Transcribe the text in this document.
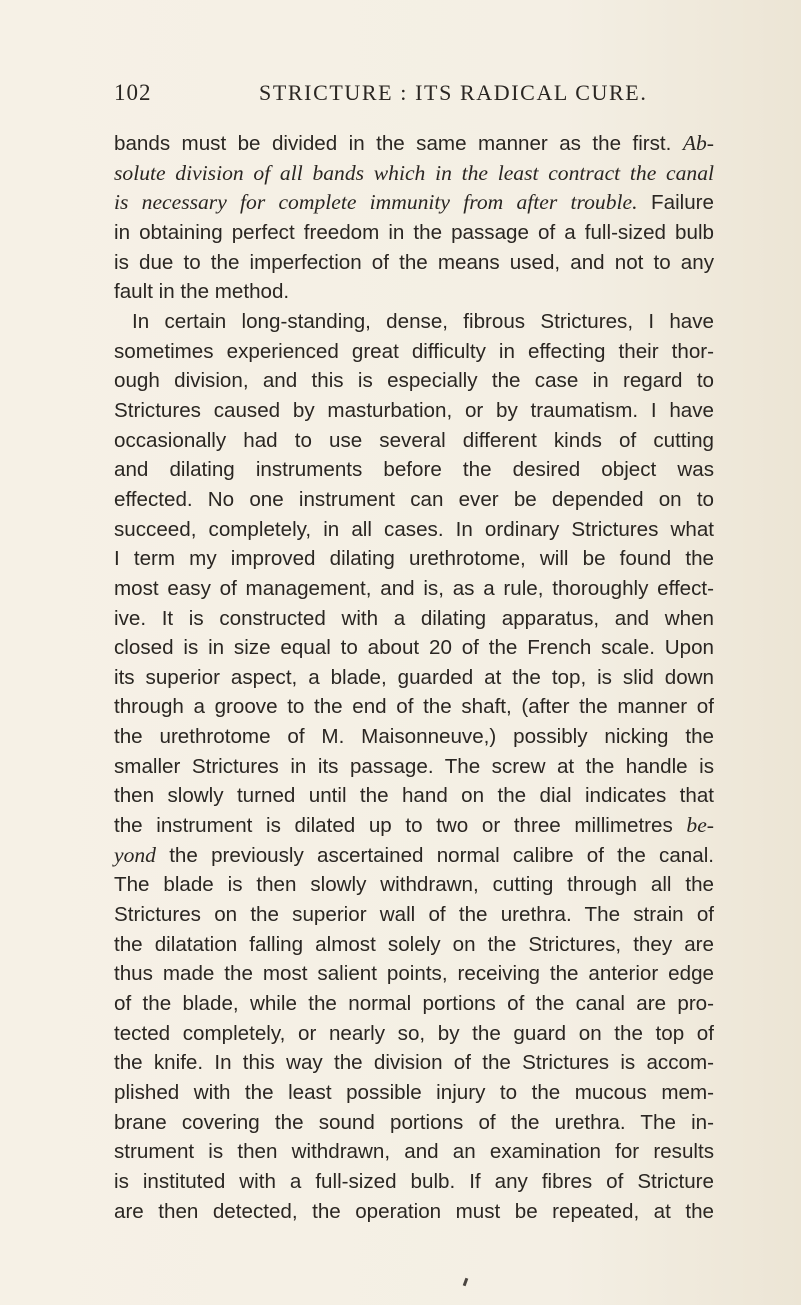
102	STRICTURE : ITS RADICAL CURE.
bands must be divided in the same manner as the first. Ab-
solute division of all bands which in the least contract the canal
is necessary for complete immunity from after trouble. Failure
in obtaining perfect freedom in the passage of a full-sized bulb
is due to the imperfection of the means used, and not to any
fault in the method.
In certain long-standing, dense, fibrous Strictures, I have
sometimes experienced great difficulty in effecting their thor-
ough division, and this is especially the case in regard to
Strictures caused by masturbation, or by traumatism. I have
occasionally had to use several different kinds of cutting
and dilating instruments before the desired object was
effected. No one instrument can ever be depended on to
succeed, completely, in all cases. In ordinary Strictures what
I term my improved dilating urethrotome, will be found the
most easy of management, and is, as a rule, thoroughly effect-
ive. It is constructed with a dilating apparatus, and when
closed is in size equal to about 20 of the French scale. Upon
its superior aspect, a blade, guarded at the top, is slid down
through a groove to the end of the shaft, (after the manner of
the urethrotome of M. Maisonneuve,) possibly nicking the
smaller Strictures in its passage. The screw at the handle is
then slowly turned until the hand on the dial indicates that
the instrument is dilated up to two or three millimetres be-
yond the previously ascertained normal calibre of the canal.
The blade is then slowly withdrawn, cutting through all the
Strictures on the superior wall of the urethra. The strain of
the dilatation falling almost solely on the Strictures, they are
thus made the most salient points, receiving the anterior edge
of the blade, while the normal portions of the canal are pro-
tected completely, or nearly so, by the guard on the top of
the knife. In this way the division of the Strictures is accom-
plished with the least possible injury to the mucous mem-
brane covering the sound portions of the urethra. The in-
strument is then withdrawn, and an examination for results
is instituted with a full-sized bulb. If any fibres of Stricture
are then detected, the operation must be repeated, at the
